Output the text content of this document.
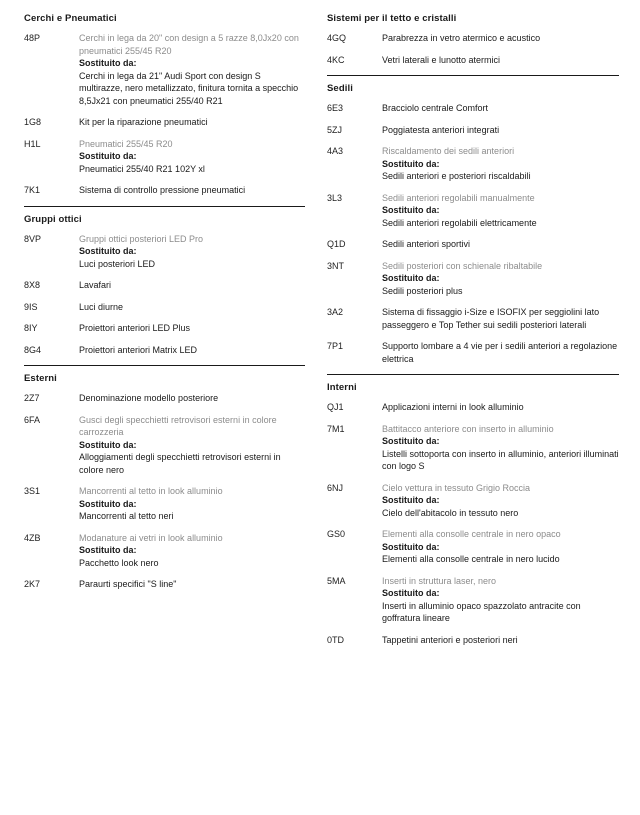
Cerchi e Pneumatici
48P	Cerchi in lega da 20" con design a 5 razze 8,0Jx20 con pneumatici 255/45 R20
Sostituito da:
Cerchi in lega da 21" Audi Sport con design S multirazze, nero metallizzato, finitura tornita a specchio 8,5Jx21 con pneumatici 255/40 R21
1G8	Kit per la riparazione pneumatici
H1L	Pneumatici 255/45 R20
Sostituito da:
Pneumatici 255/40 R21 102Y xl
7K1	Sistema di controllo pressione pneumatici
Gruppi ottici
8VP	Gruppi ottici posteriori LED Pro
Sostituito da:
Luci posteriori LED
8X8	Lavafari
9IS	Luci diurne
8IY	Proiettori anteriori LED Plus
8G4	Proiettori anteriori Matrix LED
Esterni
2Z7	Denominazione modello posteriore
6FA	Gusci degli specchietti retrovisori esterni in colore carrozzeria
Sostituito da:
Alloggiamenti degli specchietti retrovisori esterni in colore nero
3S1	Mancorrenti al tetto in look alluminio
Sostituito da:
Mancorrenti al tetto neri
4ZB	Modanature ai vetri in look alluminio
Sostituito da:
Pacchetto look nero
2K7	Paraurti specifici "S line"
Sistemi per il tetto e cristalli
4GQ	Parabrezza in vetro atermico e acustico
4KC	Vetri laterali e lunotto atermici
Sedili
6E3	Bracciolo centrale Comfort
5ZJ	Poggiatesta anteriori integrati
4A3	Riscaldamento dei sedili anteriori
Sostituito da:
Sedili anteriori e posteriori riscaldabili
3L3	Sedili anteriori regolabili manualmente
Sostituito da:
Sedili anteriori regolabili elettricamente
Q1D	Sedili anteriori sportivi
3NT	Sedili posteriori con schienale ribaltabile
Sostituito da:
Sedili posteriori plus
3A2	Sistema di fissaggio i-Size e ISOFIX per seggiolini lato passeggero e Top Tether sui sedili posteriori laterali
7P1	Supporto lombare a 4 vie per i sedili anteriori a regolazione elettrica
Interni
QJ1	Applicazioni interni in look alluminio
7M1	Battitacco anteriore con inserto in alluminio
Sostituito da:
Listelli sottoporta con inserto in alluminio, anteriori illuminati con logo S
6NJ	Cielo vettura in tessuto Grigio Roccia
Sostituito da:
Cielo dell'abitacolo in tessuto nero
GS0	Elementi alla consolle centrale in nero opaco
Sostituito da:
Elementi alla consolle centrale in nero lucido
5MA	Inserti in struttura laser, nero
Sostituito da:
Inserti in alluminio opaco spazzolato antracite con goffratura lineare
0TD	Tappetini anteriori e posteriori neri
